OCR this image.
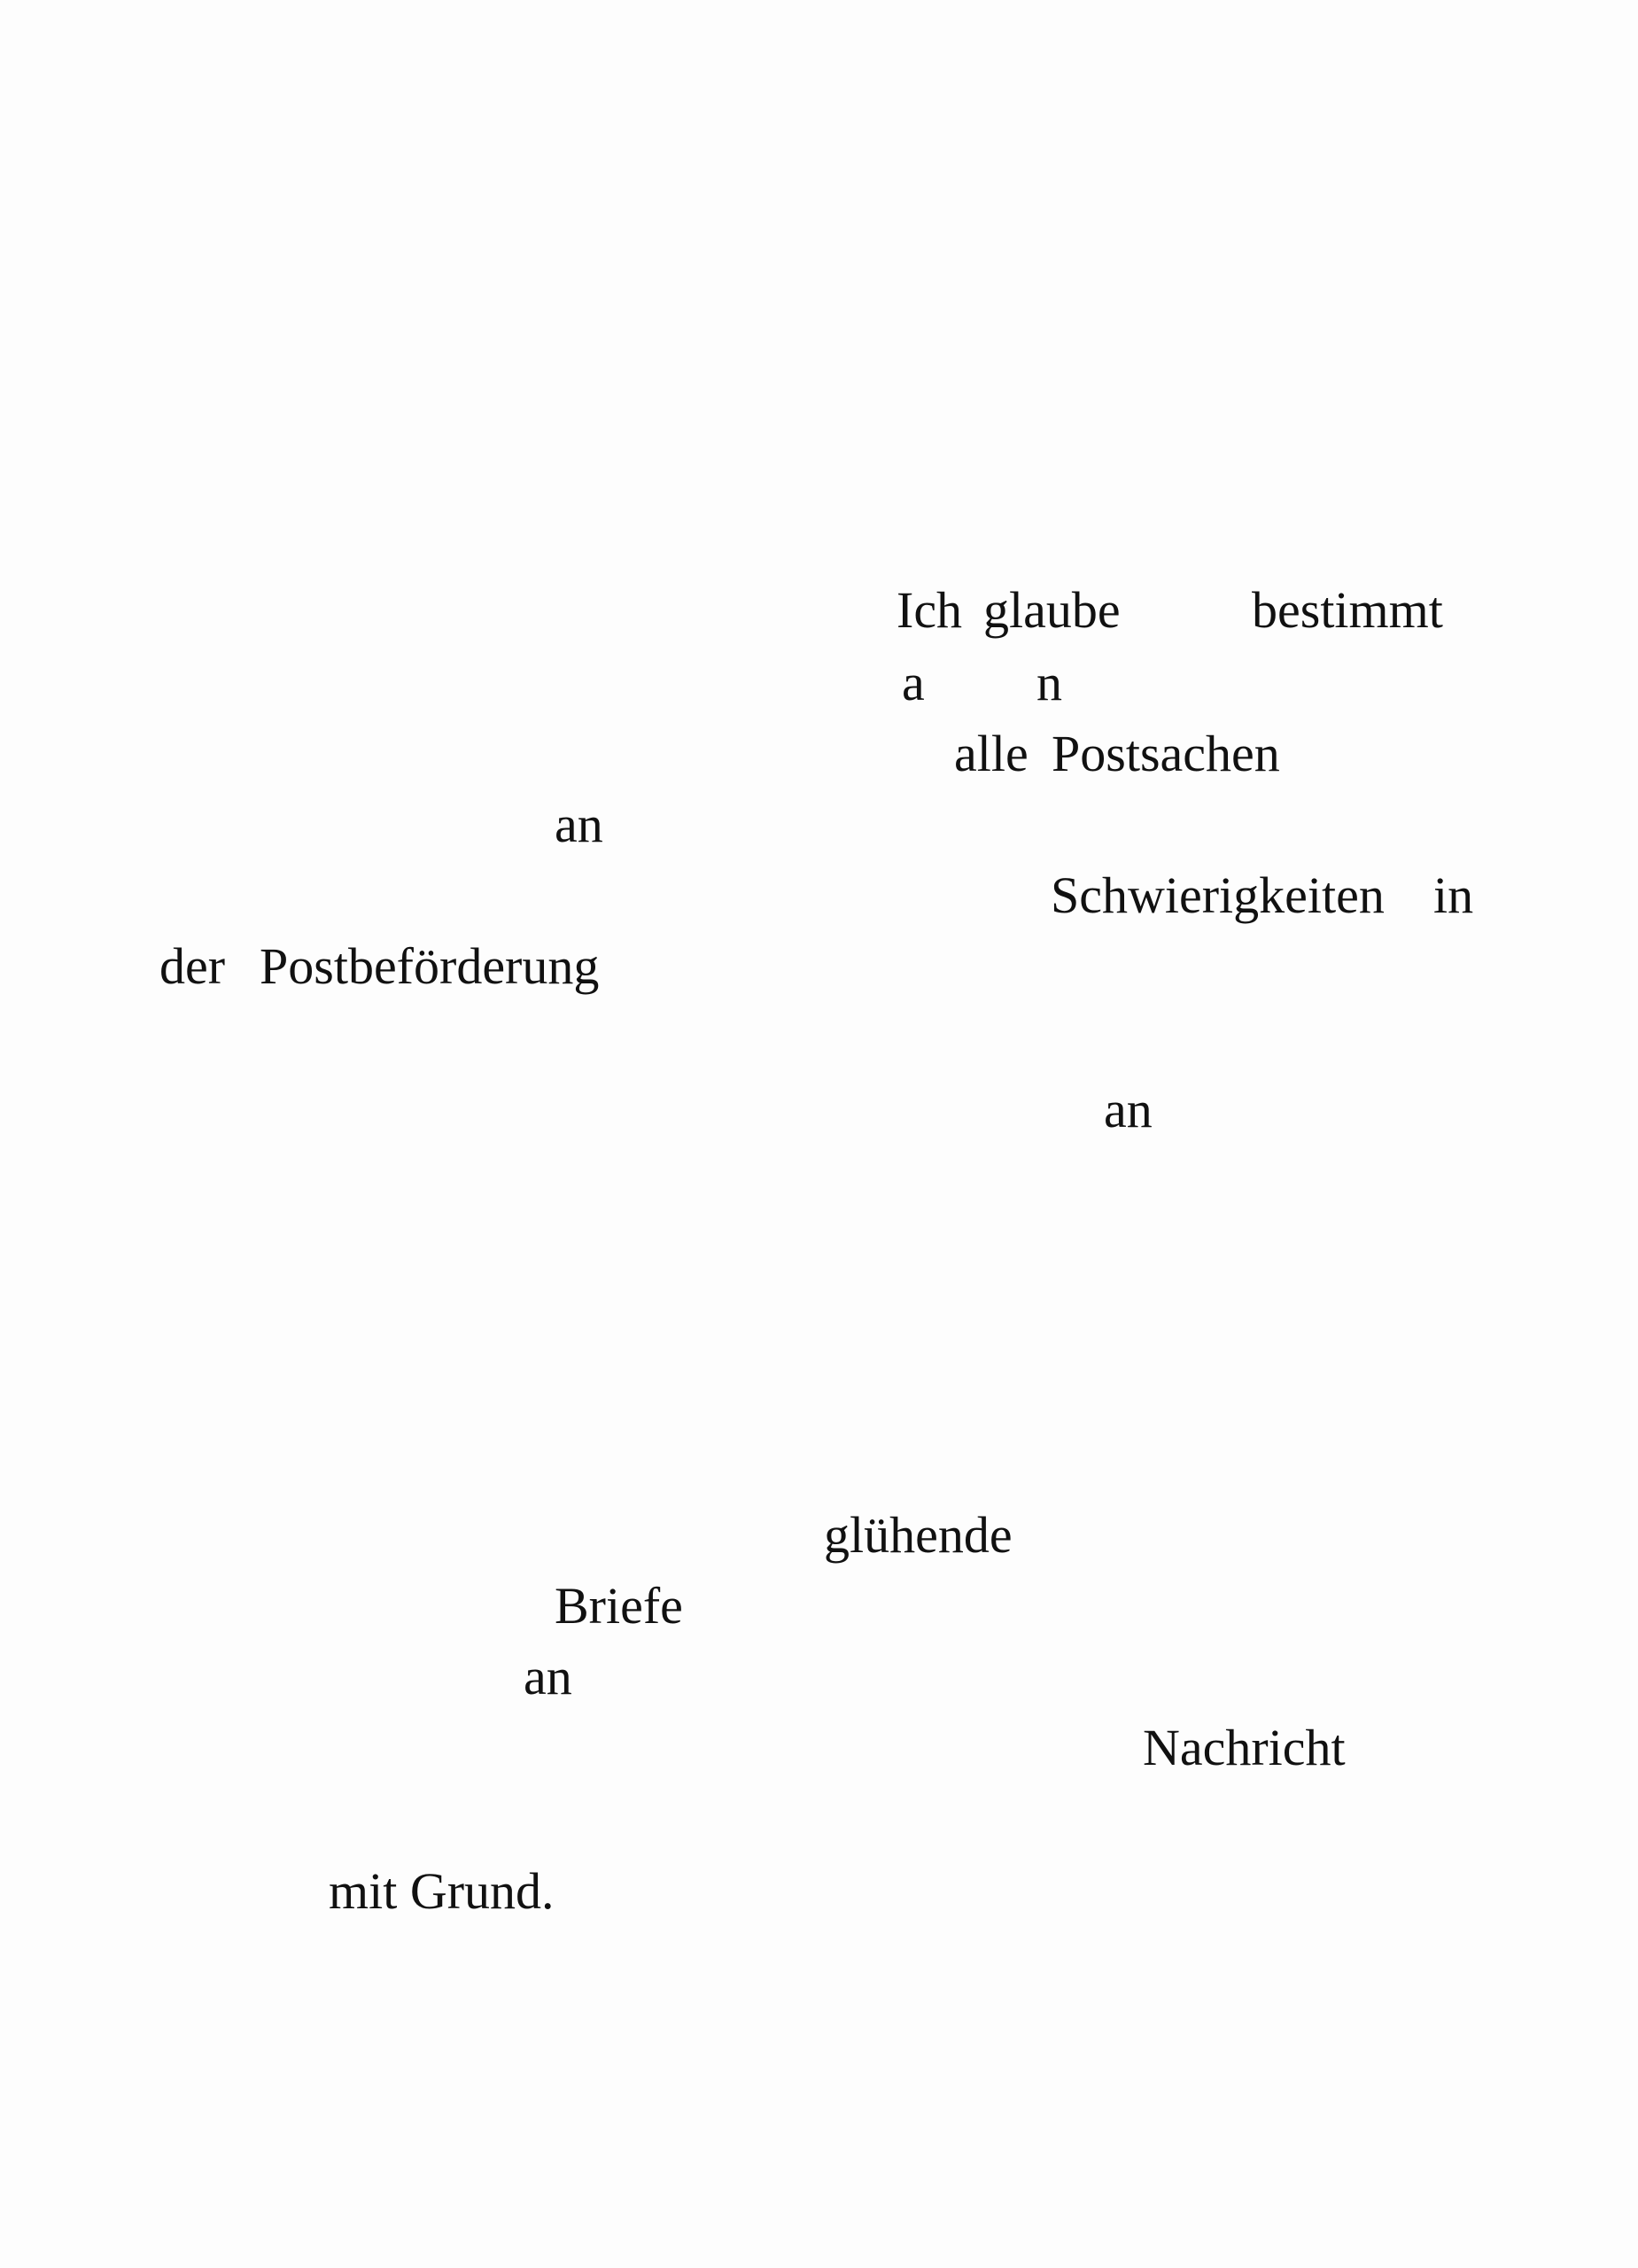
Ich glaube	bestimmt
a n
alle Postsachen
an
Schwierigkeiten in
der Postbeförderung
an
glühende
Briefe
an
Nachricht
mit Grund.
